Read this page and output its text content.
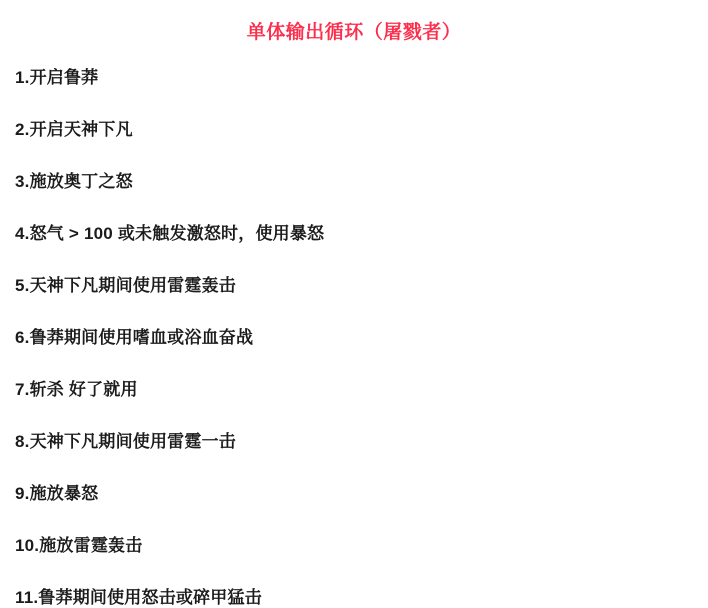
单体输出循环（屠戮者）

1.开启鲁莽

2.开启天神下凡

3.施放奥丁之怒

4.怒气 > 100 或未触发激怒时，使用暴怒

5.天神下凡期间使用雷霆轰击

6.鲁莽期间使用嗜血或浴血奋战

7.斩杀 好了就用

8.天神下凡期间使用雷霆一击

9.施放暴怒

10.施放雷霆轰击

11.鲁莽期间使用怒击或碎甲猛击
